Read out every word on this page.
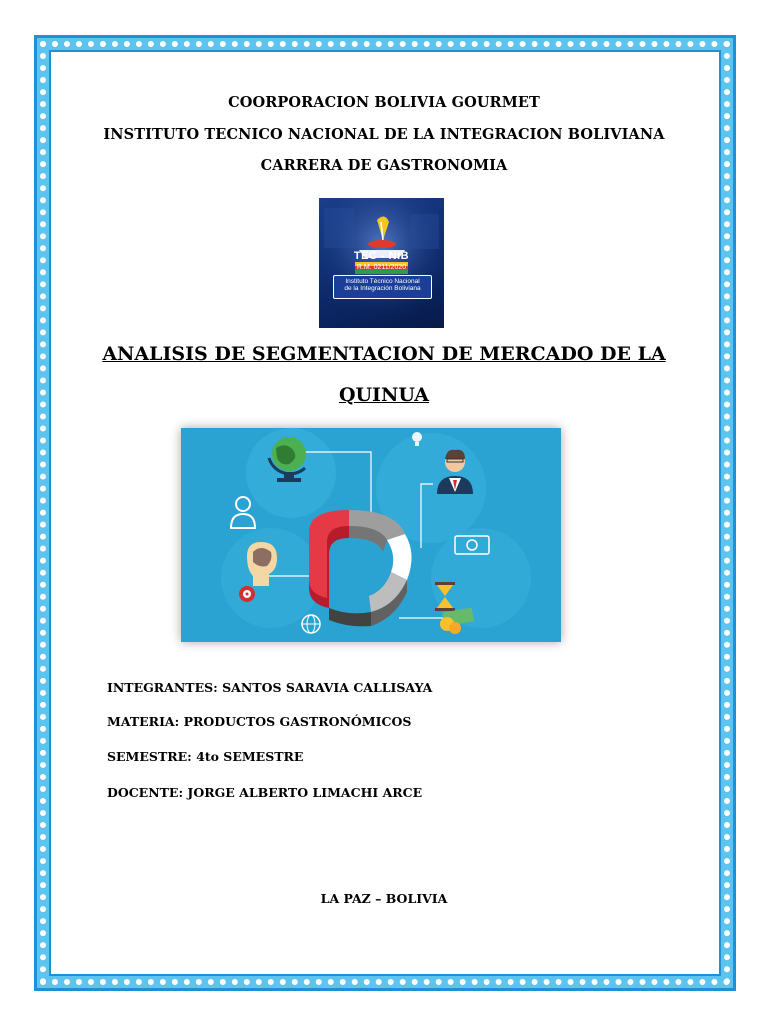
COORPORACION BOLIVIA GOURMET
INSTITUTO TECNICO NACIONAL DE LA INTEGRACION BOLIVIANA
CARRERA DE GASTRONOMIA
TEC - NIB
R.M. 0211/2020
Instituto Técnico Nacional
de la Integración Boliviana
ANALISIS DE SEGMENTACION DE MERCADO DE LA
QUINUA
INTEGRANTES: SANTOS SARAVIA CALLISAYA
MATERIA: PRODUCTOS GASTRONÓMICOS
SEMESTRE: 4to SEMESTRE
DOCENTE: JORGE ALBERTO LIMACHI ARCE
LA PAZ – BOLIVIA
